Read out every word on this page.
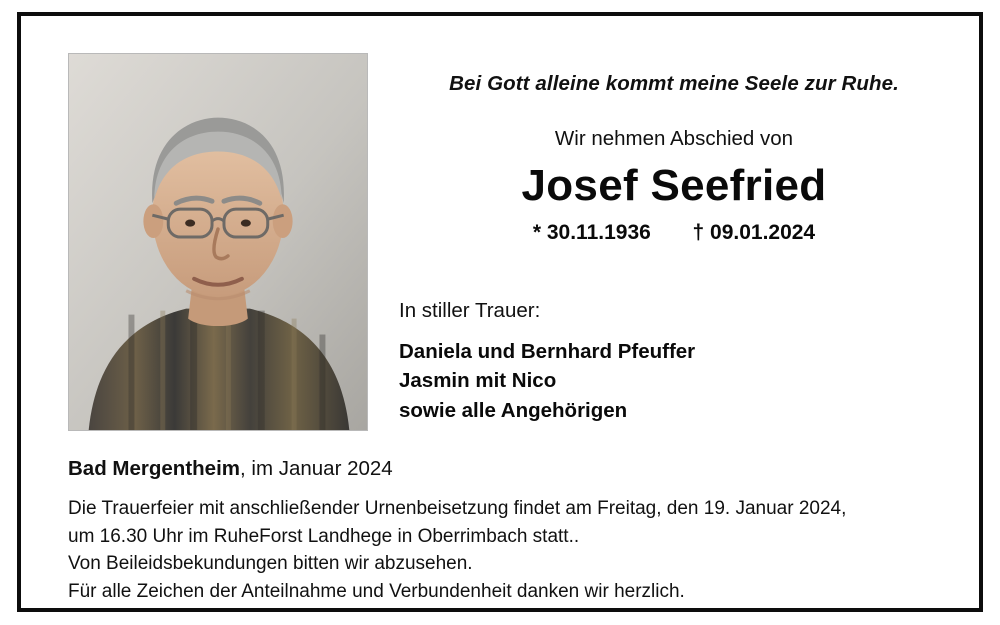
Bei Gott alleine kommt meine Seele zur Ruhe.
Wir nehmen Abschied von
Josef Seefried
* 30.11.1936 † 09.01.2024
In stiller Trauer:
Daniela und Bernhard Pfeuffer
Jasmin mit Nico
sowie alle Angehörigen
Bad Mergentheim, im Januar 2024
Die Trauerfeier mit anschließender Urnenbeisetzung findet am Freitag, den 19. Januar 2024,
um 16.30 Uhr im RuheForst Landhege in Oberrimbach statt..
Von Beileidsbekundungen bitten wir abzusehen.
Für alle Zeichen der Anteilnahme und Verbundenheit danken wir herzlich.
